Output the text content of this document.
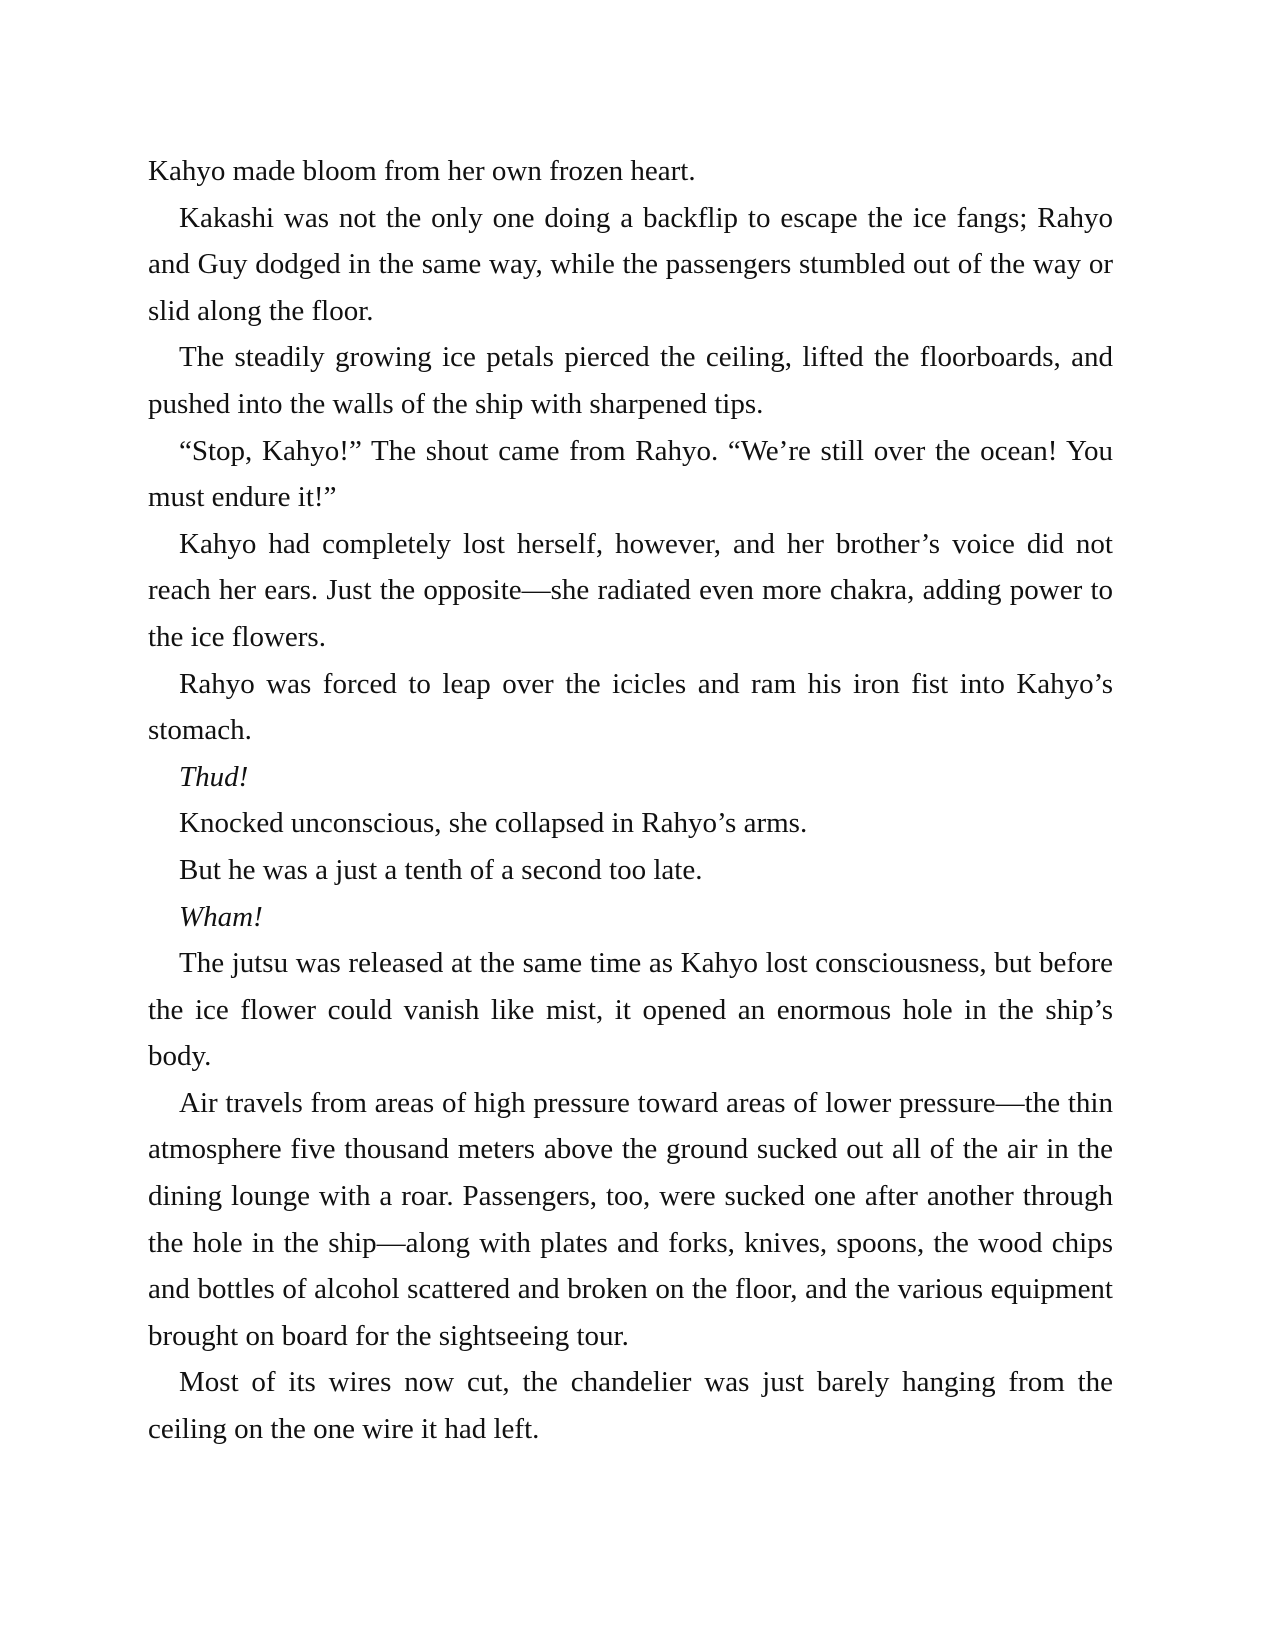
Kahyo made bloom from her own frozen heart.

Kakashi was not the only one doing a backflip to escape the ice fangs; Rahyo and Guy dodged in the same way, while the passengers stumbled out of the way or slid along the floor.

The steadily growing ice petals pierced the ceiling, lifted the floorboards, and pushed into the walls of the ship with sharpened tips.

“Stop, Kahyo!” The shout came from Rahyo. “We’re still over the ocean! You must endure it!”

Kahyo had completely lost herself, however, and her brother’s voice did not reach her ears. Just the opposite—she radiated even more chakra, adding power to the ice flowers.

Rahyo was forced to leap over the icicles and ram his iron fist into Kahyo’s stomach.

Thud!

Knocked unconscious, she collapsed in Rahyo’s arms.

But he was a just a tenth of a second too late.

Wham!

The jutsu was released at the same time as Kahyo lost consciousness, but before the ice flower could vanish like mist, it opened an enormous hole in the ship’s body.

Air travels from areas of high pressure toward areas of lower pressure—the thin atmosphere five thousand meters above the ground sucked out all of the air in the dining lounge with a roar. Passengers, too, were sucked one after another through the hole in the ship—along with plates and forks, knives, spoons, the wood chips and bottles of alcohol scattered and broken on the floor, and the various equipment brought on board for the sightseeing tour.

Most of its wires now cut, the chandelier was just barely hanging from the ceiling on the one wire it had left.
